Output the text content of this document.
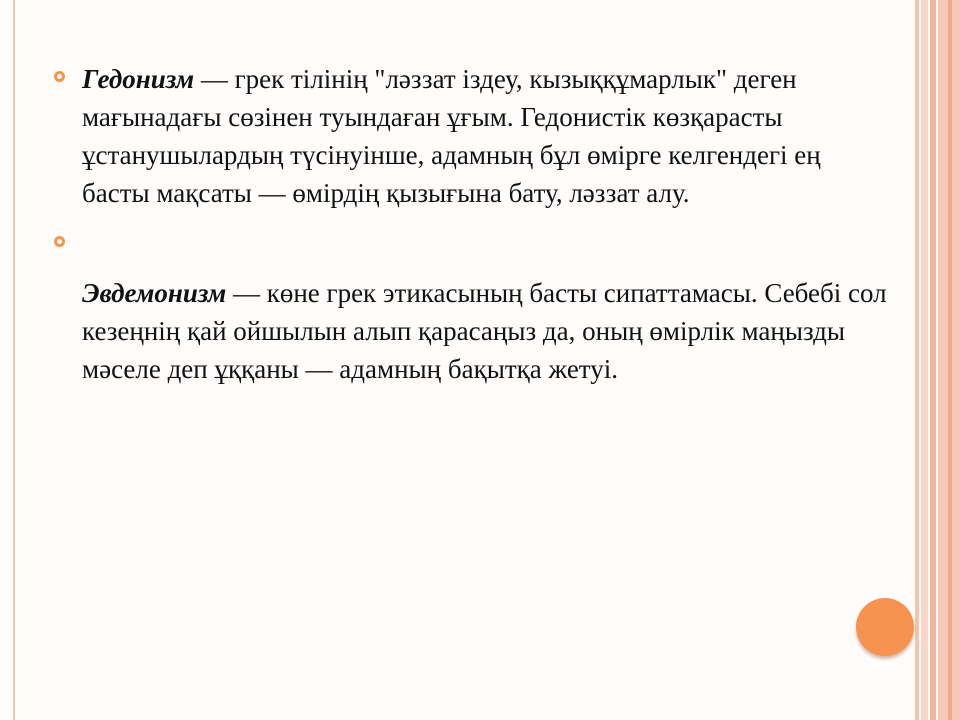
Гедонизм — грек тілінің "ләззат іздеу, кызыққұмарлык" деген мағынадағы сөзінен туындаған ұғым. Гедонистік көзқарасты ұстанушылардың түсінуінше, адамның бұл өмірге келгендегі ең басты мақсаты — өмірдің қызығына бату, ләззат алу.
Эвдемонизм — көне грек этикасының басты сипаттамасы. Себебі сол кезеңнің қай ойшылын алып қарасаңыз да, оның өмірлік маңызды мәселе деп ұққаны — адамның бақытқа жетуі.
